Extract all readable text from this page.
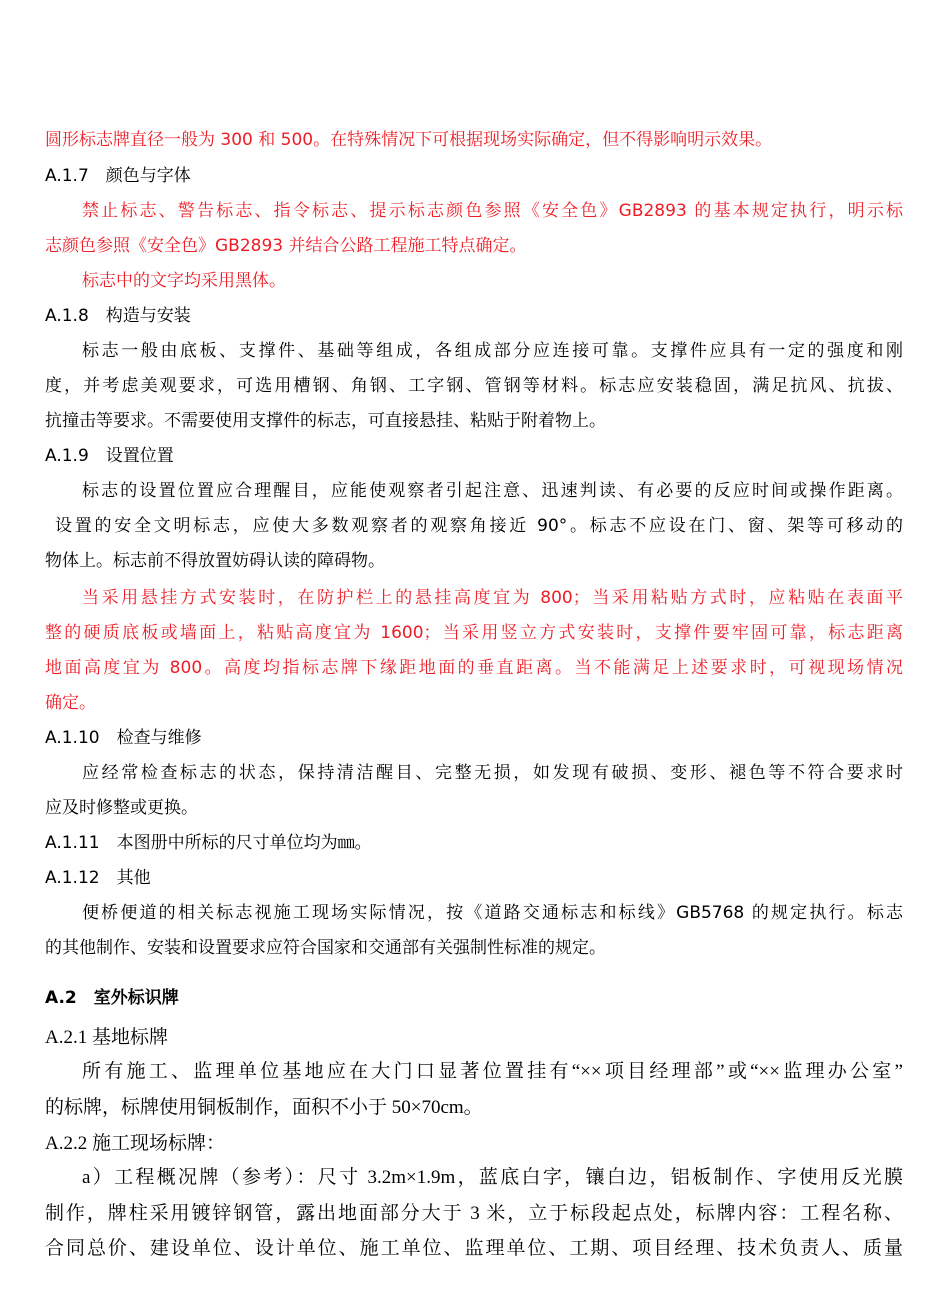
圆形标志牌直径一般为 300 和 500。在特殊情况下可根据现场实际确定，但不得影响明示效果。
A.1.7　颜色与字体
禁止标志、警告标志、指令标志、提示标志颜色参照《安全色》GB2893 的基本规定执行，明示标
志颜色参照《安全色》GB2893 并结合公路工程施工特点确定。
标志中的文字均采用黑体。
A.1.8　构造与安装
标志一般由底板、支撑件、基础等组成，各组成部分应连接可靠。支撑件应具有一定的强度和刚
度，并考虑美观要求，可选用槽钢、角钢、工字钢、管钢等材料。标志应安装稳固，满足抗风、抗拔、
抗撞击等要求。不需要使用支撑件的标志，可直接悬挂、粘贴于附着物上。
A.1.9　设置位置
标志的设置位置应合理醒目，应能使观察者引起注意、迅速判读、有必要的反应时间或操作距离。
设置的安全文明标志，应使大多数观察者的观察角接近 90°。标志不应设在门、窗、架等可移动的
物体上。标志前不得放置妨碍认读的障碍物。
当采用悬挂方式安装时，在防护栏上的悬挂高度宜为 800；当采用粘贴方式时，应粘贴在表面平
整的硬质底板或墙面上，粘贴高度宜为 1600；当采用竖立方式安装时，支撑件要牢固可靠，标志距离
地面高度宜为 800。高度均指标志牌下缘距地面的垂直距离。当不能满足上述要求时，可视现场情况
确定。
A.1.10　检查与维修
应经常检查标志的状态，保持清洁醒目、完整无损，如发现有破损、变形、褪色等不符合要求时
应及时修整或更换。
A.1.11　本图册中所标的尺寸单位均为㎜。
A.1.12　其他
便桥便道的相关标志视施工现场实际情况，按《道路交通标志和标线》GB5768 的规定执行。标志
的其他制作、安装和设置要求应符合国家和交通部有关强制性标准的规定。
A.2　室外标识牌
A.2.1 基地标牌
所有施工、监理单位基地应在大门口显著位置挂有“××项目经理部”或“××监理办公室”
的标牌，标牌使用铜板制作，面积不小于 50×70cm。
A.2.2 施工现场标牌：
a）工程概况牌（参考）：尺寸 3.2m×1.9m，蓝底白字，镶白边，铝板制作、字使用反光膜
制作，牌柱采用镀锌钢管，露出地面部分大于 3 米，立于标段起点处，标牌内容：工程名称、
合同总价、建设单位、设计单位、施工单位、监理单位、工期、项目经理、技术负责人、质量
